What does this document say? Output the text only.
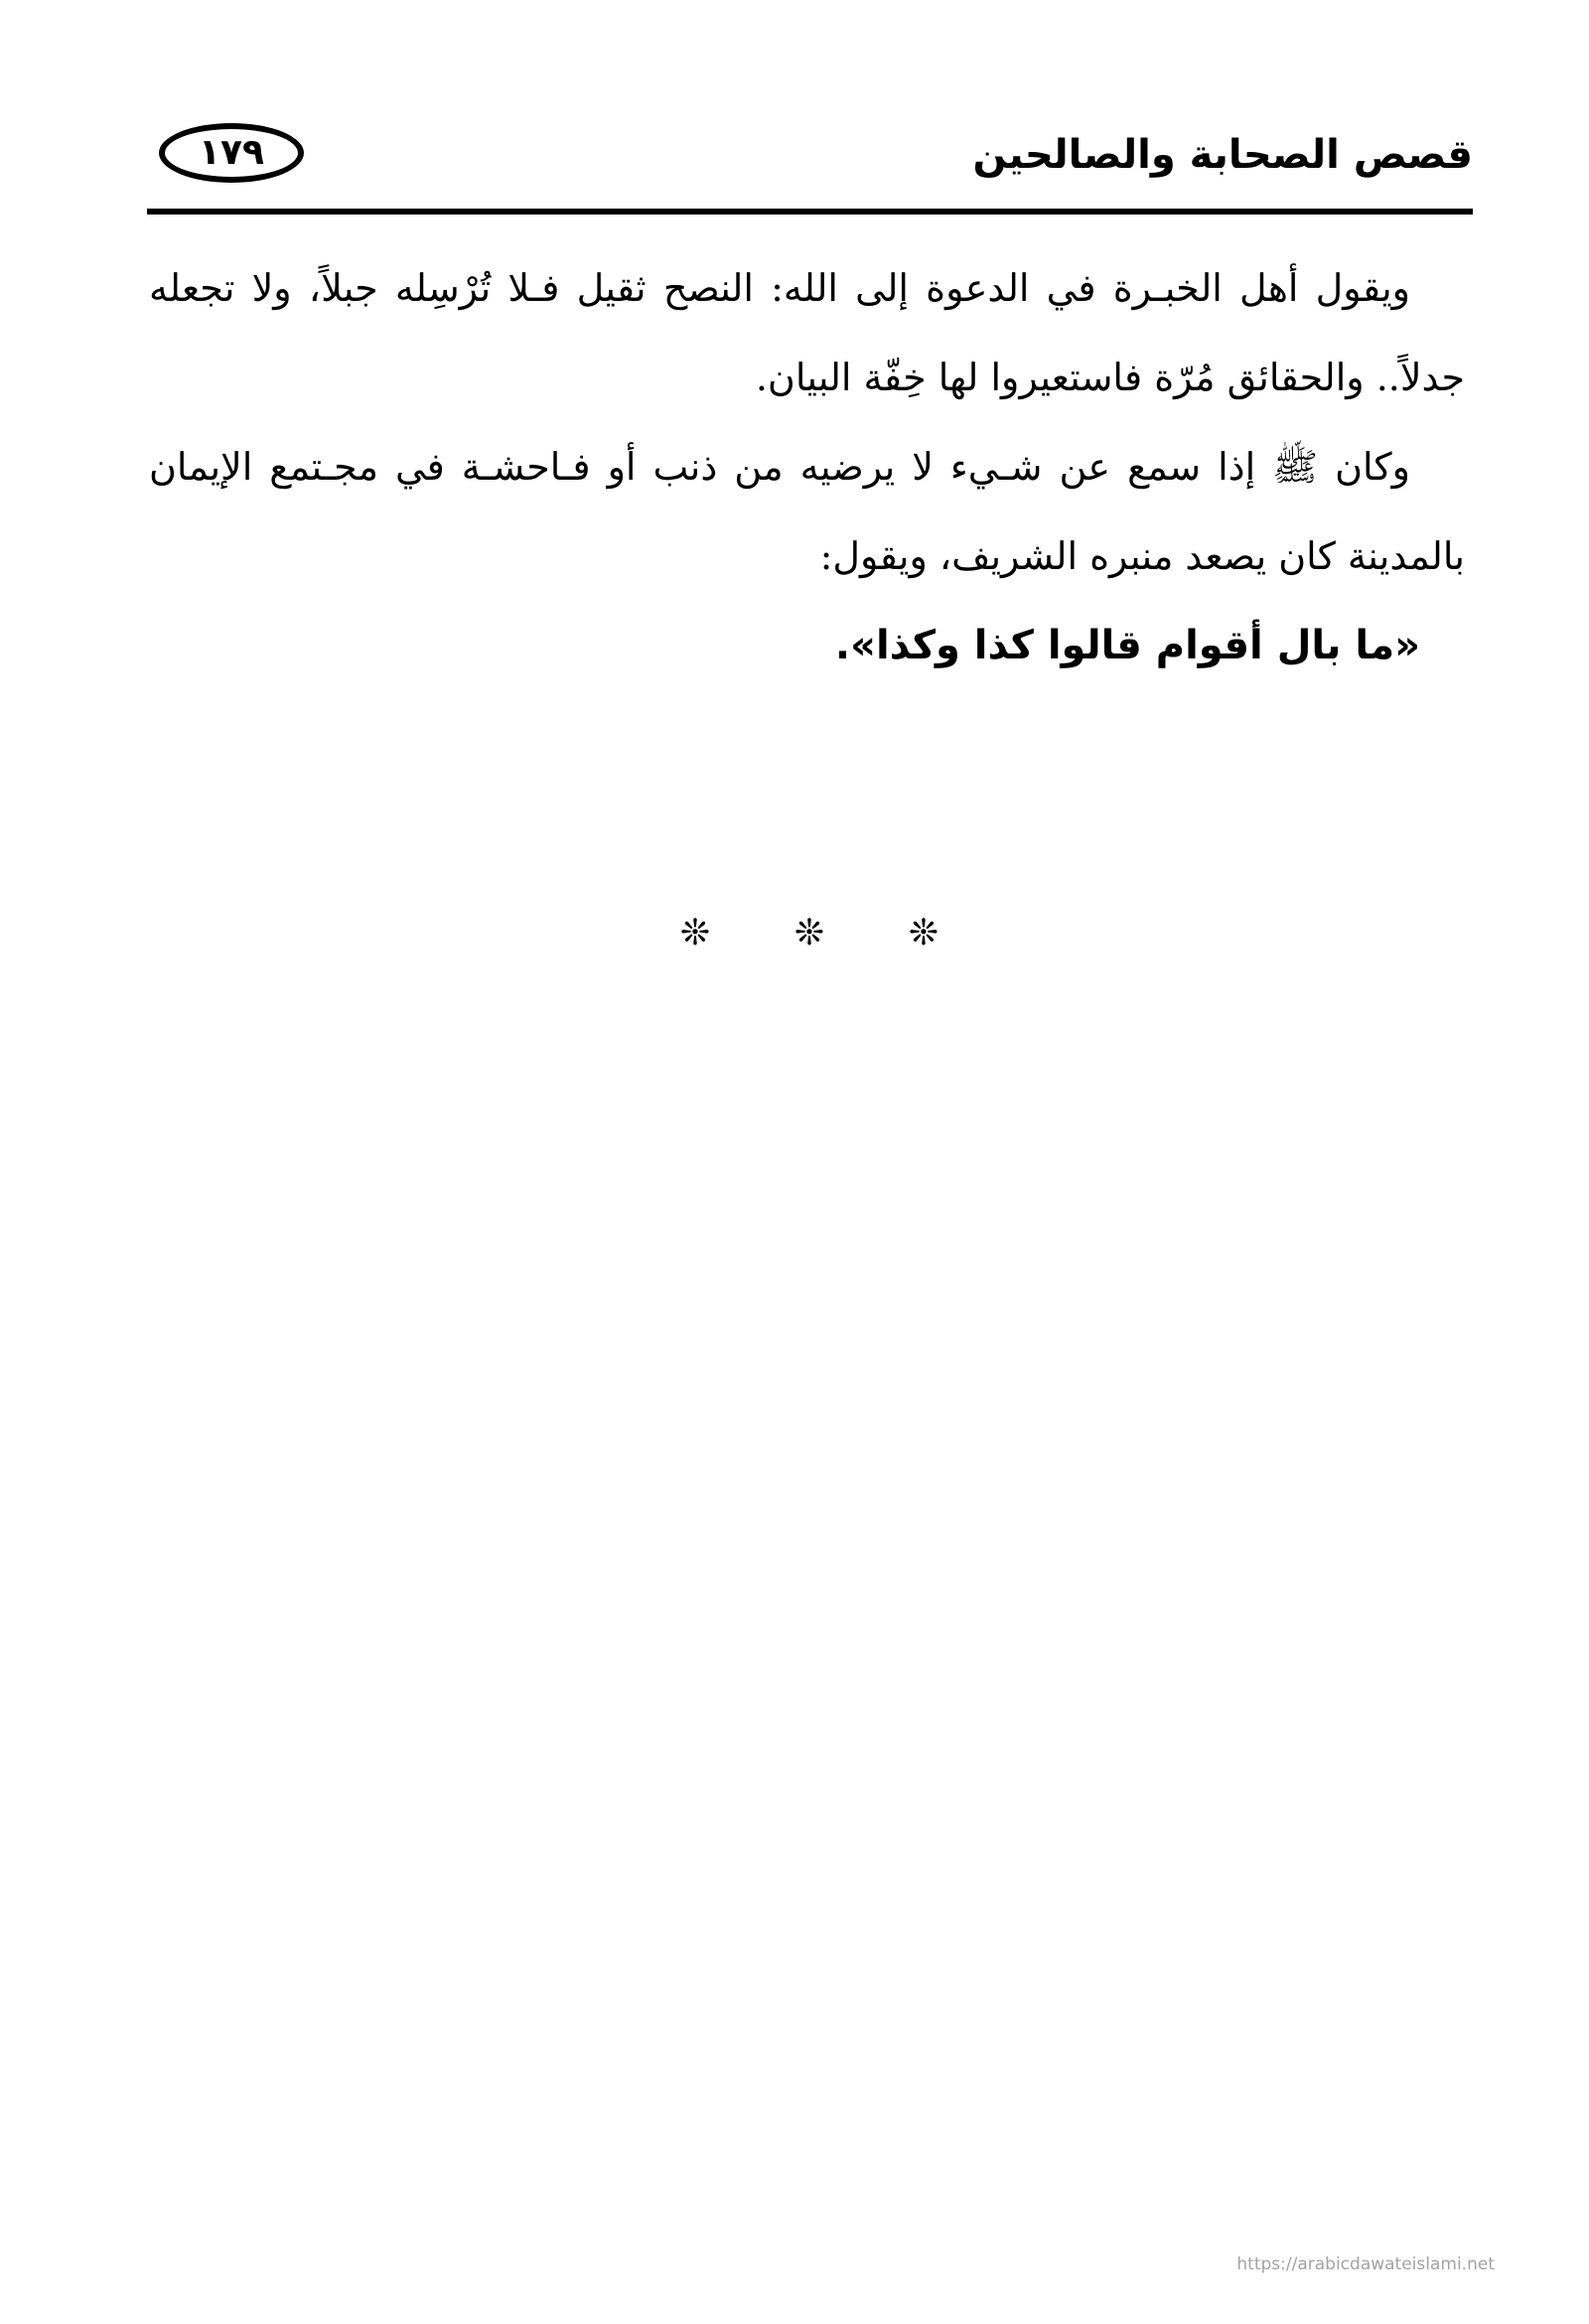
قصص الصحابة والصالحين
١٧٩

ويقول أهل الخبـرة في الدعوة إلى الله: النصح ثقيل فـلا تُرْسِله جبلاً، ولا تجعله جدلاً.. والحقائق مُرّة فاستعيروا لها خِفّة البيان.

وكان ﷺ إذا سمع عن شـيء لا يرضيه من ذنب أو فـاحشـة في مجـتمع الإيمان بالمدينة كان يصعد منبره الشريف، ويقول:

«ما بال أقوام قالوا كذا وكذا».

❊ ❊ ❊
https://arabicdawateislami.net
